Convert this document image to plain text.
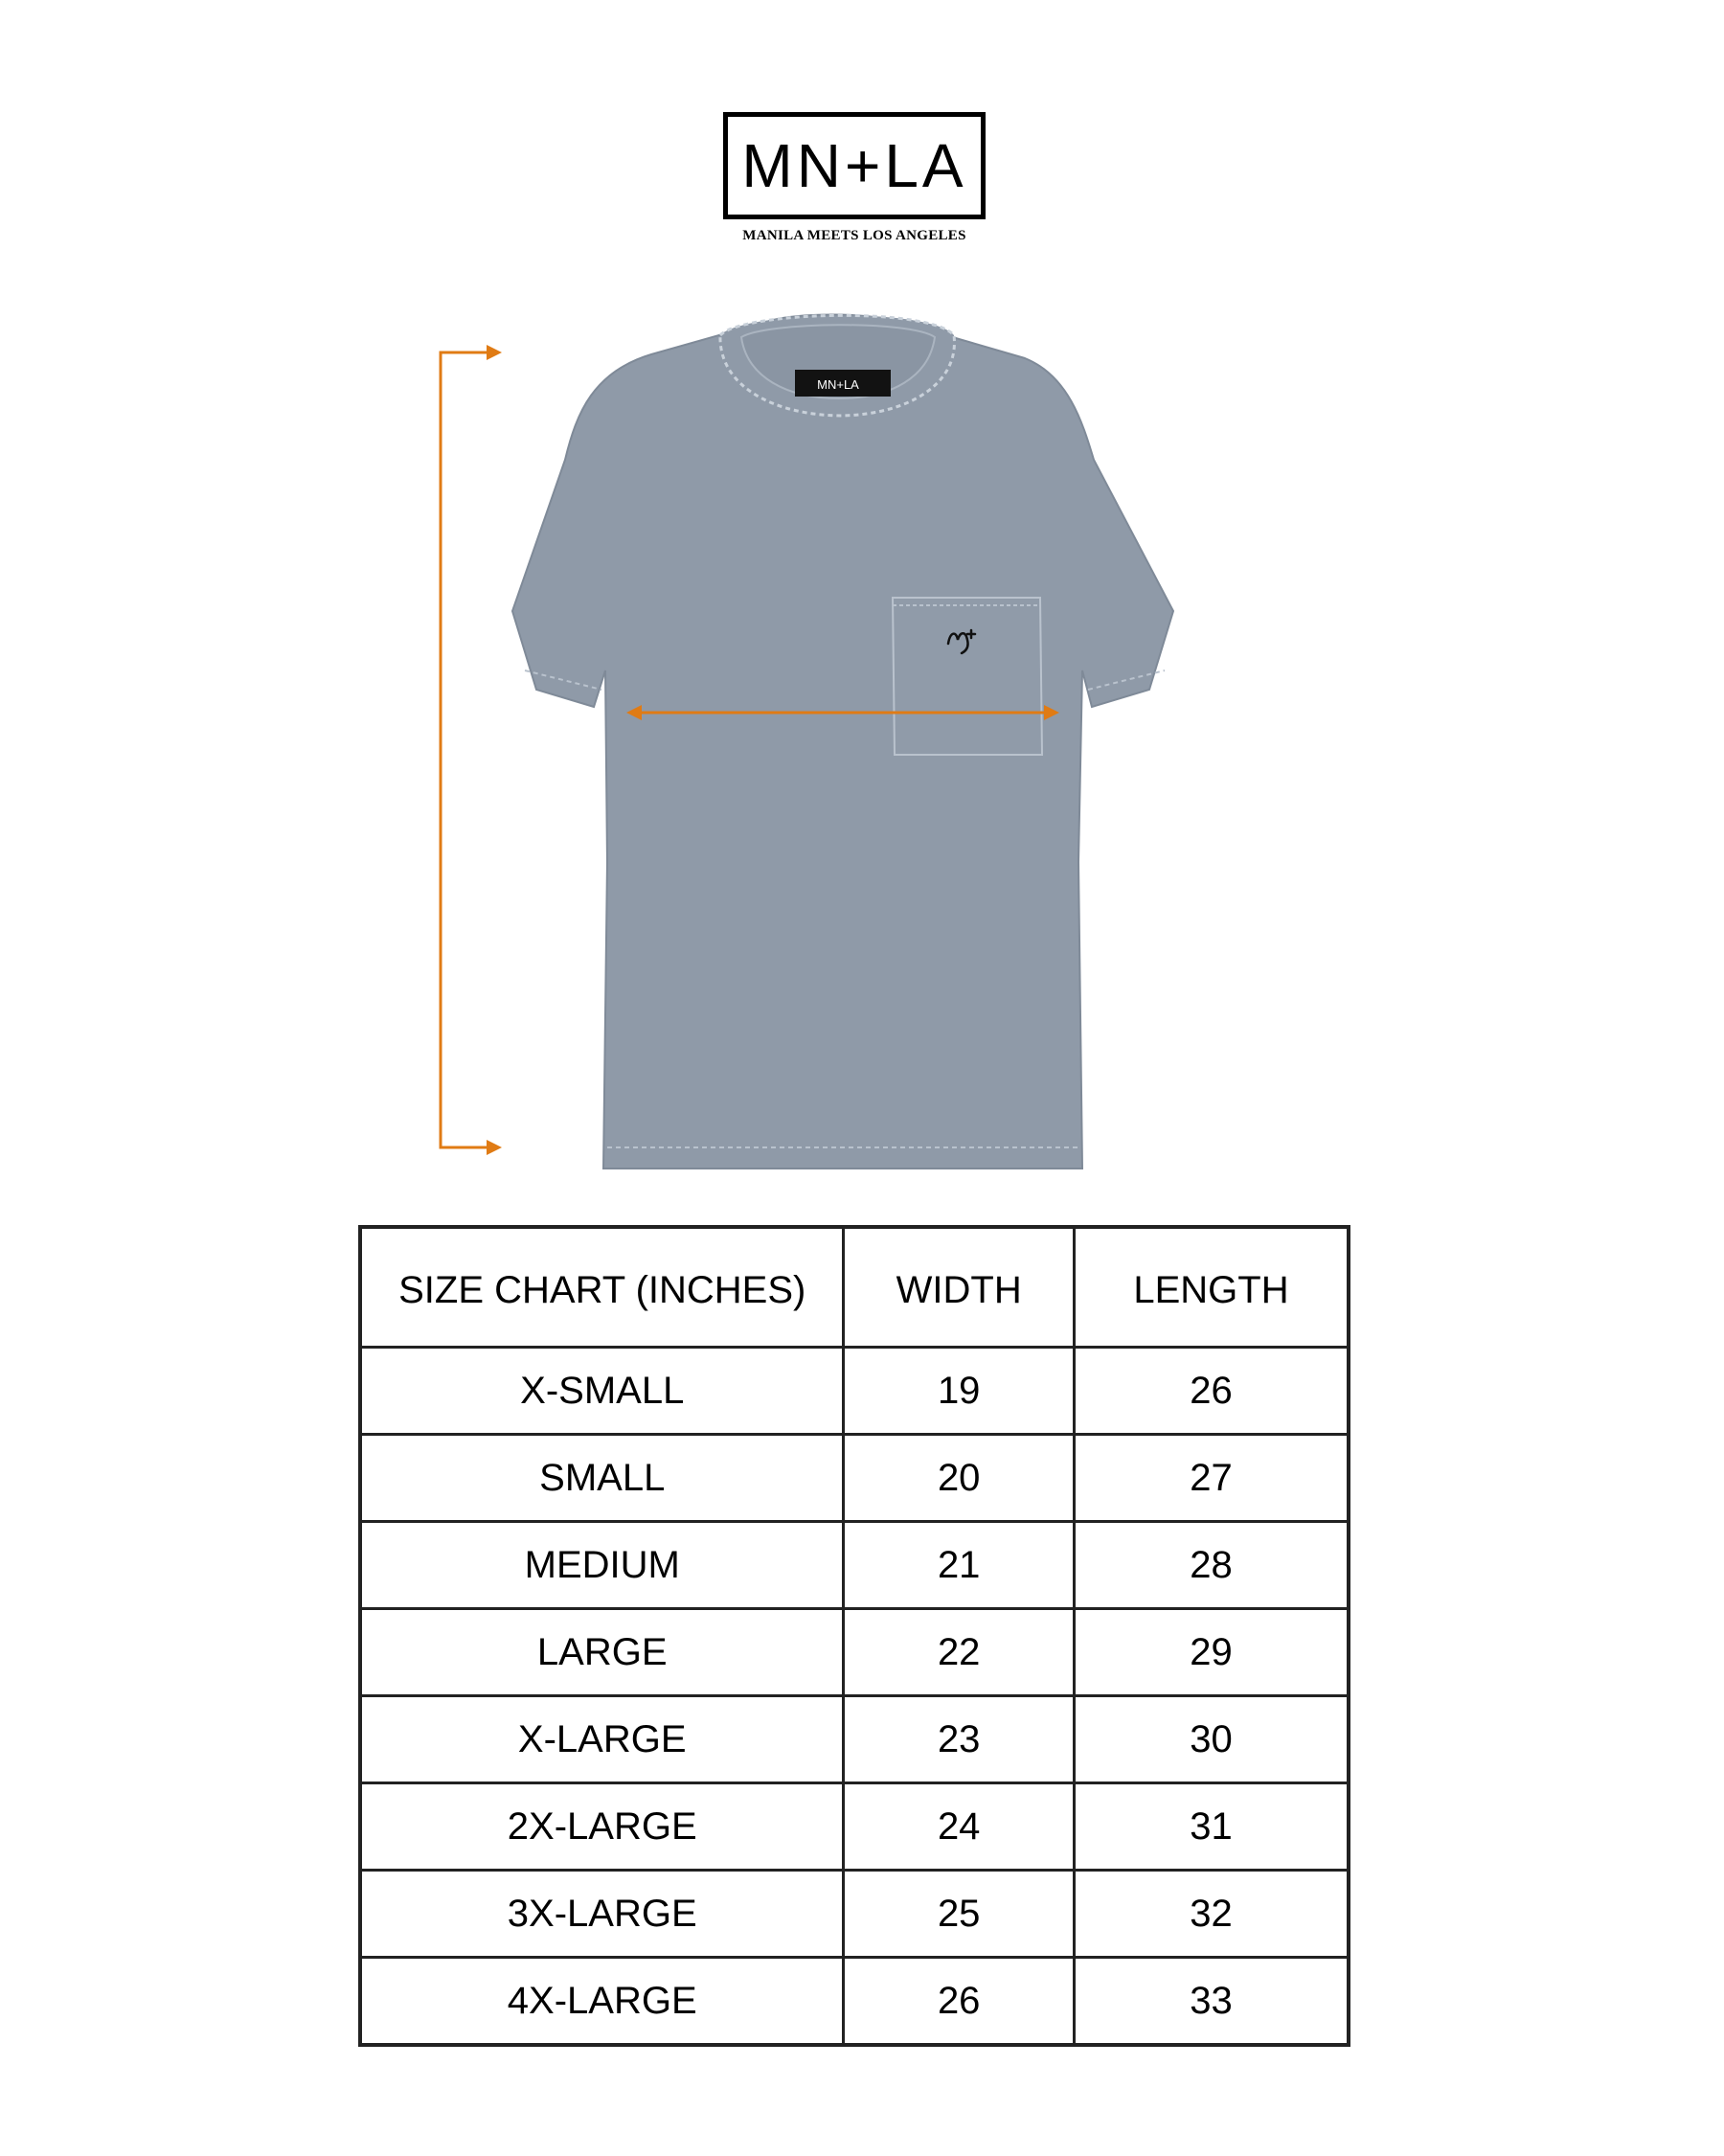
MN+LA
MANILA MEETS LOS ANGELES
MN+LA
SIZE CHART (INCHES)	WIDTH	LENGTH
X-SMALL	19	26
SMALL	20	27
MEDIUM	21	28
LARGE	22	29
X-LARGE	23	30
2X-LARGE	24	31
3X-LARGE	25	32
4X-LARGE	26	33
